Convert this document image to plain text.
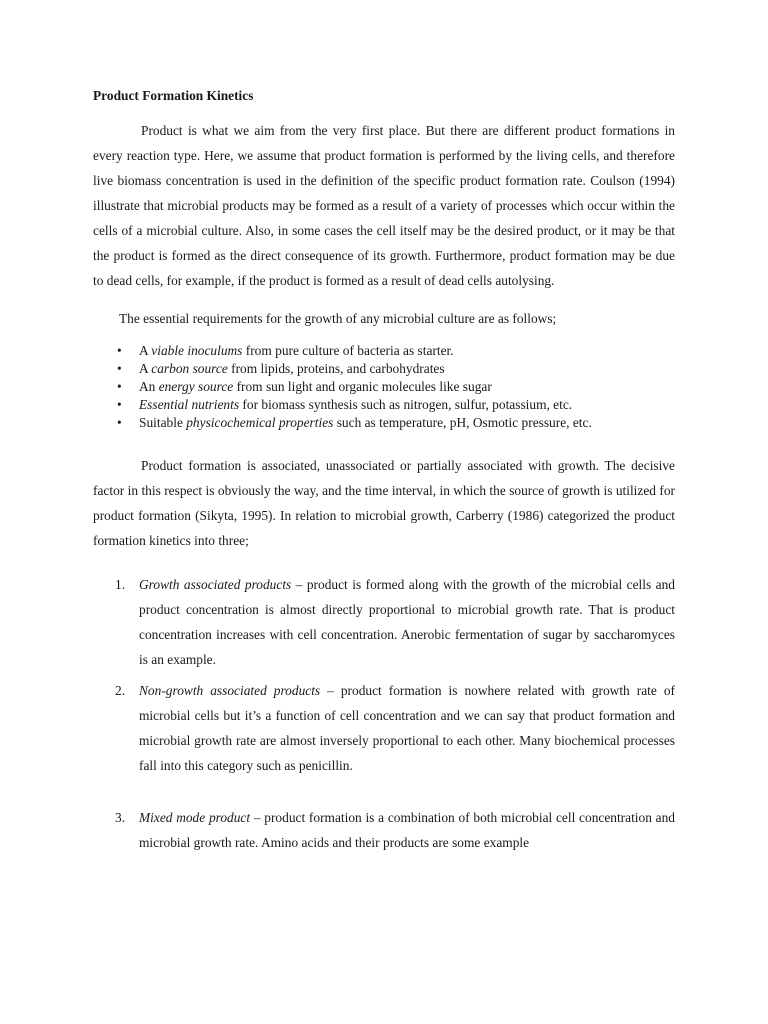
Product Formation Kinetics

Product is what we aim from the very first place. But there are different product formations in every reaction type. Here, we assume that product formation is performed by the living cells, and therefore live biomass concentration is used in the definition of the specific product formation rate. Coulson (1994) illustrate that microbial products may be formed as a result of a variety of processes which occur within the cells of a microbial culture. Also, in some cases the cell itself may be the desired product, or it may be that the product is formed as the direct consequence of its growth. Furthermore, product formation may be due to dead cells, for example, if the product is formed as a result of dead cells autolysing.

The essential requirements for the growth of any microbial culture are as follows;

• A viable inoculums from pure culture of bacteria as starter.
• A carbon source from lipids, proteins, and carbohydrates
• An energy source from sun light and organic molecules like sugar
• Essential nutrients for biomass synthesis such as nitrogen, sulfur, potassium, etc.
• Suitable physicochemical properties such as temperature, pH, Osmotic pressure, etc.

Product formation is associated, unassociated or partially associated with growth. The decisive factor in this respect is obviously the way, and the time interval, in which the source of growth is utilized for product formation (Sikyta, 1995). In relation to microbial growth, Carberry (1986) categorized the product formation kinetics into three;

1. Growth associated products – product is formed along with the growth of the microbial cells and product concentration is almost directly proportional to microbial growth rate. That is product concentration increases with cell concentration. Anerobic fermentation of sugar by saccharomyces is an example.
2. Non-growth associated products – product formation is nowhere related with growth rate of microbial cells but it’s a function of cell concentration and we can say that product formation and microbial growth rate are almost inversely proportional to each other. Many biochemical processes fall into this category such as penicillin.
3. Mixed mode product – product formation is a combination of both microbial cell concentration and microbial growth rate. Amino acids and their products are some example
